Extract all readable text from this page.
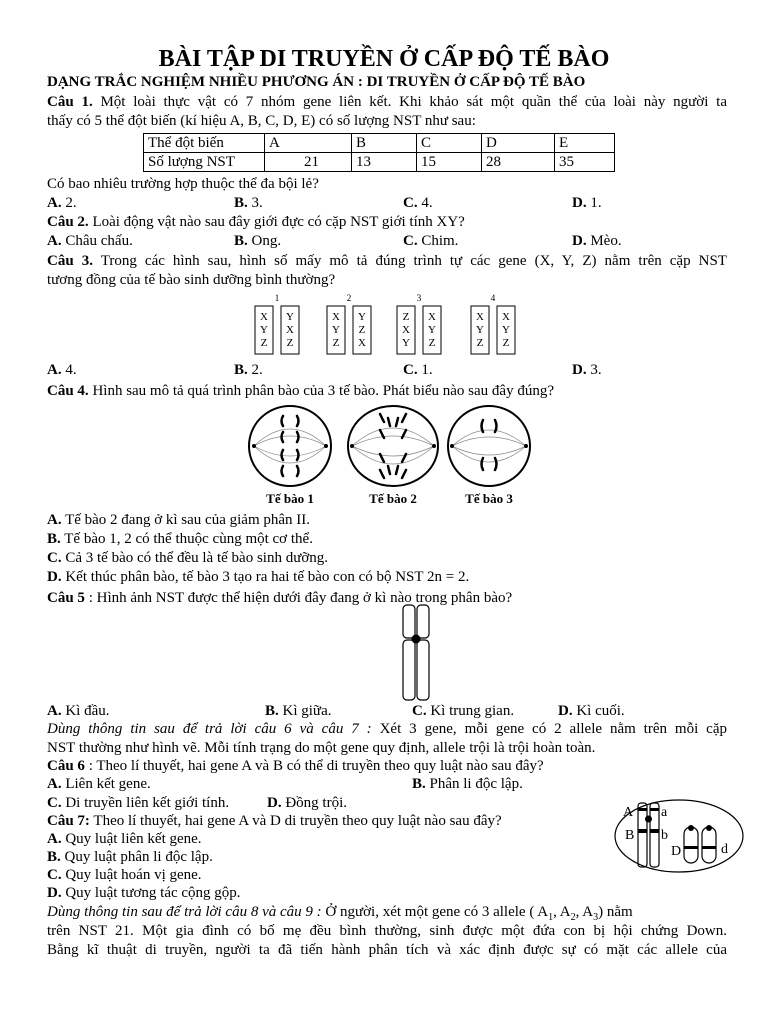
BÀI TẬP DI TRUYỀN Ở CẤP ĐỘ TẾ BÀO
DẠNG TRẮC NGHIỆM NHIỀU PHƯƠNG ÁN : DI TRUYỀN Ở CẤP ĐỘ TẾ BÀO
Câu 1. Một loài thực vật có 7 nhóm gene liên kết. Khi khảo sát một quần thể của loài này người ta
thấy có 5 thể đột biến (kí hiệu A, B, C, D, E) có số lượng NST như sau:
Thể đột biến	A	B	C	D	E
Số lượng NST	21	13	15	28	35
Có bao nhiêu trường hợp thuộc thể đa bội lẻ?
A. 2.	B. 3.	C. 4.	D. 1.
Câu 2. Loài động vật nào sau đây giới đực có cặp NST giới tính XY?
A. Châu chấu.	B. Ong.	C. Chim.	D. Mèo.
Câu 3. Trong các hình sau, hình số mấy mô tả đúng trình tự các gene (X, Y, Z) nằm trên cặp NST
tương đồng của tế bào sinh dưỡng bình thường?
1	2	3	4
X
Y
Z
Y
X
Z
X
Y
Z
Y
Z
X
Z
X
Y
X
Y
Z
X
Y
Z
X
Y
Z
A. 4.	B. 2.	C. 1.	D. 3.
Câu 4. Hình sau mô tả quá trình phân bào của 3 tế bào. Phát biểu nào sau đây đúng?
Tế bào 1	Tế bào 2	Tế bào 3
A. Tế bào 2 đang ở kì sau của giảm phân II.
B. Tế bào 1, 2 có thể thuộc cùng một cơ thể.
C. Cả 3 tế bào có thể đều là tế bào sinh dưỡng.
D. Kết thúc phân bào, tế bào 3 tạo ra hai tế bào con có bộ NST 2n = 2.
Câu 5 : Hình ảnh NST được thể hiện dưới đây đang ở kì nào trong phân bào?
A. Kì đầu.	B. Kì giữa.	C. Kì trung gian.	D. Kì cuối.
Dùng thông tin sau để trả lời câu 6 và câu 7 : Xét 3 gene, mỗi gene có 2 allele nằm trên mỗi cặp
NST thường như hình vẽ. Mỗi tính trạng do một gene quy định, allele trội là trội hoàn toàn.
Câu 6 : Theo lí thuyết, hai gene A và B có thể di truyền theo quy luật nào sau đây?
A. Liên kết gene.	B. Phân li độc lập.
C. Di truyền liên kết giới tính.	D. Đồng trội.
Câu 7: Theo lí thuyết, hai gene A và D di truyền theo quy luật nào sau đây?
A. Quy luật liên kết gene.
B. Quy luật phân li độc lập.
C. Quy luật hoán vị gene.
D. Quy luật tương tác cộng gộp.
A a
B b
D	d
Dùng thông tin sau để trả lời câu 8 và câu 9 : Ở người, xét một gene có 3 allele ( $A_1$, $A_2$, $A_3$) nằm
trên NST 21. Một gia đình có bố mẹ đều bình thường, sinh được một đứa con bị hội chứng Down.
Bằng kĩ thuật di truyền, người ta đã tiến hành phân tích và xác định được sự có mặt các allele của
